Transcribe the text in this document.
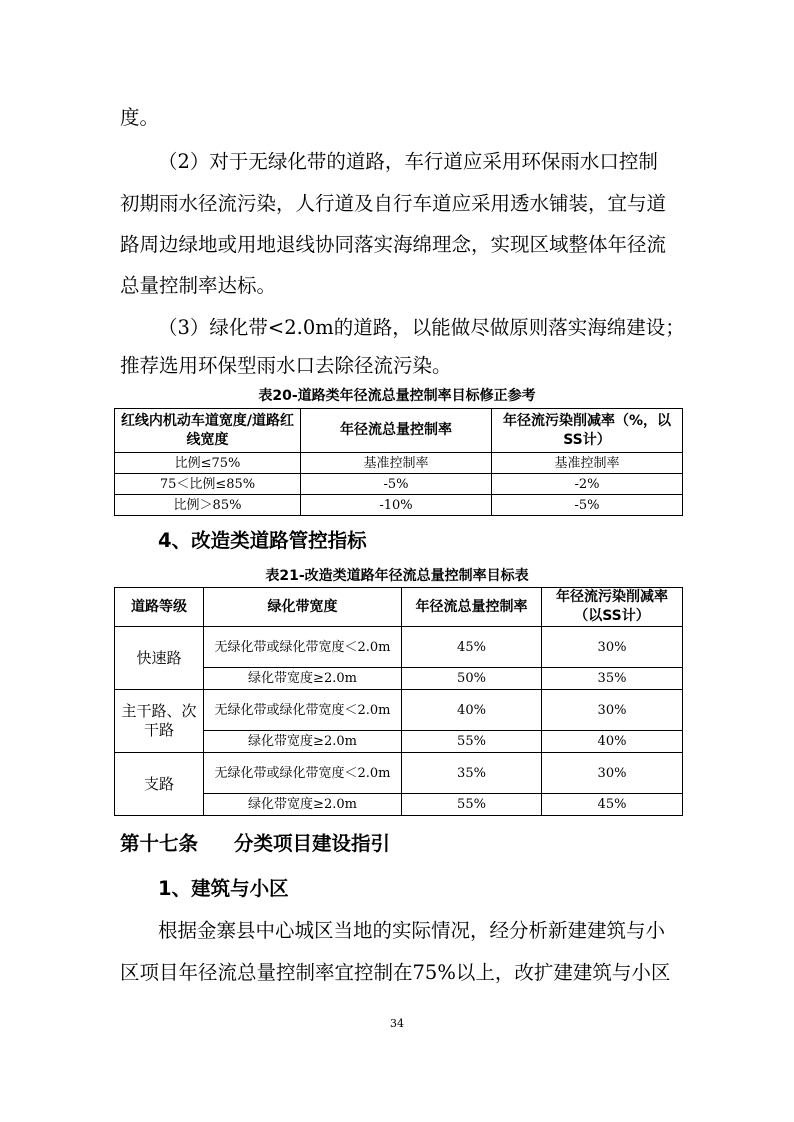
度。
（2）对于无绿化带的道路，车行道应采用环保雨水口控制
初期雨水径流污染，人行道及自行车道应采用透水铺装，宜与道
路周边绿地或用地退线协同落实海绵理念，实现区域整体年径流
总量控制率达标。
（3）绿化带<2.0m的道路，以能做尽做原则落实海绵建设；
推荐选用环保型雨水口去除径流污染。
表20-道路类年径流总量控制率目标修正参考
红线内机动车道宽度/道路红线宽度	年径流总量控制率	年径流污染削减率（%，以SS计）
比例≤75%	基准控制率	基准控制率
75＜比例≤85%	-5%	-2%
比例＞85%	-10%	-5%
4、改造类道路管控指标
表21-改造类道路年径流总量控制率目标表
道路等级	绿化带宽度	年径流总量控制率	年径流污染削减率（以SS计）
快速路	无绿化带或绿化带宽度＜2.0m	45%	30%
	绿化带宽度≥2.0m	50%	35%
主干路、次干路	无绿化带或绿化带宽度＜2.0m	40%	30%
	绿化带宽度≥2.0m	55%	40%
支路	无绿化带或绿化带宽度＜2.0m	35%	30%
	绿化带宽度≥2.0m	55%	45%
第十七条 分类项目建设指引
1、建筑与小区
根据金寨县中心城区当地的实际情况，经分析新建建筑与小
区项目年径流总量控制率宜控制在75%以上，改扩建建筑与小区
34
